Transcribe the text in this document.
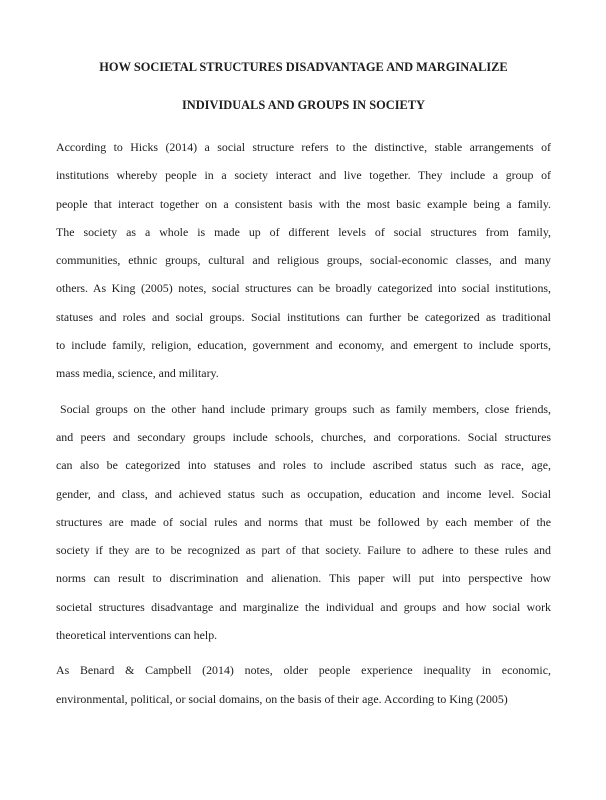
HOW SOCIETAL STRUCTURES DISADVANTAGE AND MARGINALIZE
INDIVIDUALS AND GROUPS IN SOCIETY
According to Hicks (2014) a social structure refers to the distinctive, stable arrangements of
institutions whereby people in a society interact and live together. They include a group of
people that interact together on a consistent basis with the most basic example being a family.
The society as a whole is made up of different levels of social structures from family,
communities, ethnic groups, cultural and religious groups, social-economic classes, and many
others. As King (2005) notes, social structures can be broadly categorized into social institutions,
statuses and roles and social groups. Social institutions can further be categorized as traditional
to include family, religion, education, government and economy, and emergent to include sports,
mass media, science, and military.
Social groups on the other hand include primary groups such as family members, close friends,
and peers and secondary groups include schools, churches, and corporations. Social structures
can also be categorized into statuses and roles to include ascribed status such as race, age,
gender, and class, and achieved status such as occupation, education and income level. Social
structures are made of social rules and norms that must be followed by each member of the
society if they are to be recognized as part of that society. Failure to adhere to these rules and
norms can result to discrimination and alienation. This paper will put into perspective how
societal structures disadvantage and marginalize the individual and groups and how social work
theoretical interventions can help.
As Benard & Campbell (2014) notes, older people experience inequality in economic,
environmental, political, or social domains, on the basis of their age. According to King (2005)
